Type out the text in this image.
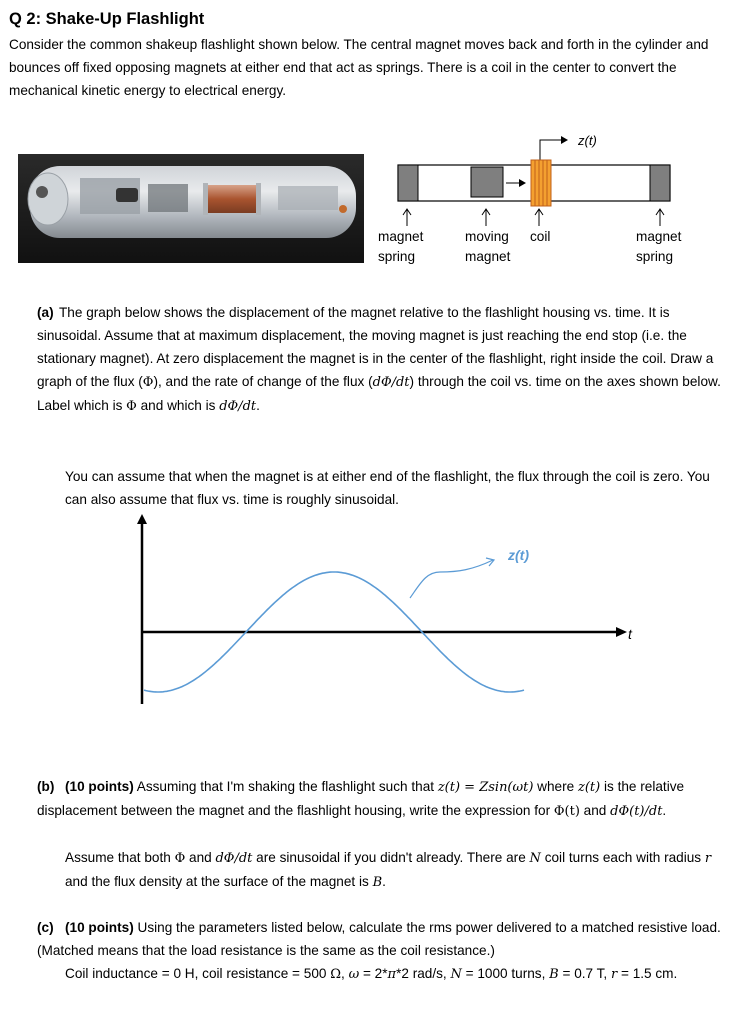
Q 2: Shake-Up Flashlight
Consider the common shakeup flashlight shown below. The central magnet moves back and forth in the cylinder and bounces off fixed opposing magnets at either end that act as springs. There is a coil in the center to convert the mechanical kinetic energy to electrical energy.
z(t)
magnet
spring
moving
magnet
coil	magnet
spring
(a) The graph below shows the displacement of the magnet relative to the flashlight housing vs. time. It is sinusoidal. Assume that at maximum displacement, the moving magnet is just reaching the end stop (i.e. the stationary magnet). At zero displacement the magnet is in the center of the flashlight, right inside the coil. Draw a graph of the flux (Φ), and the rate of change of the flux (dΦ/dt) through the coil vs. time on the axes shown below. Label which is Φ and which is dΦ/dt.
You can assume that when the magnet is at either end of the flashlight, the flux through the coil is zero. You can also assume that flux vs. time is roughly sinusoidal.
t
z(t)
(b) (10 points) Assuming that I'm shaking the flashlight such that z(t) = Zsin(ωt) where z(t) is the relative displacement between the magnet and the flashlight housing, write the expression for Φ(t) and dΦ(t)/dt.
Assume that both Φ and dΦ/dt are sinusoidal if you didn't already. There are N coil turns each with radius r and the flux density at the surface of the magnet is B.
(c) (10 points) Using the parameters listed below, calculate the rms power delivered to a matched resistive load. (Matched means that the load resistance is the same as the coil resistance.)
Coil inductance = 0 H, coil resistance = 500 Ω, ω = 2*π*2 rad/s, N = 1000 turns, B = 0.7 T, r = 1.5 cm.
